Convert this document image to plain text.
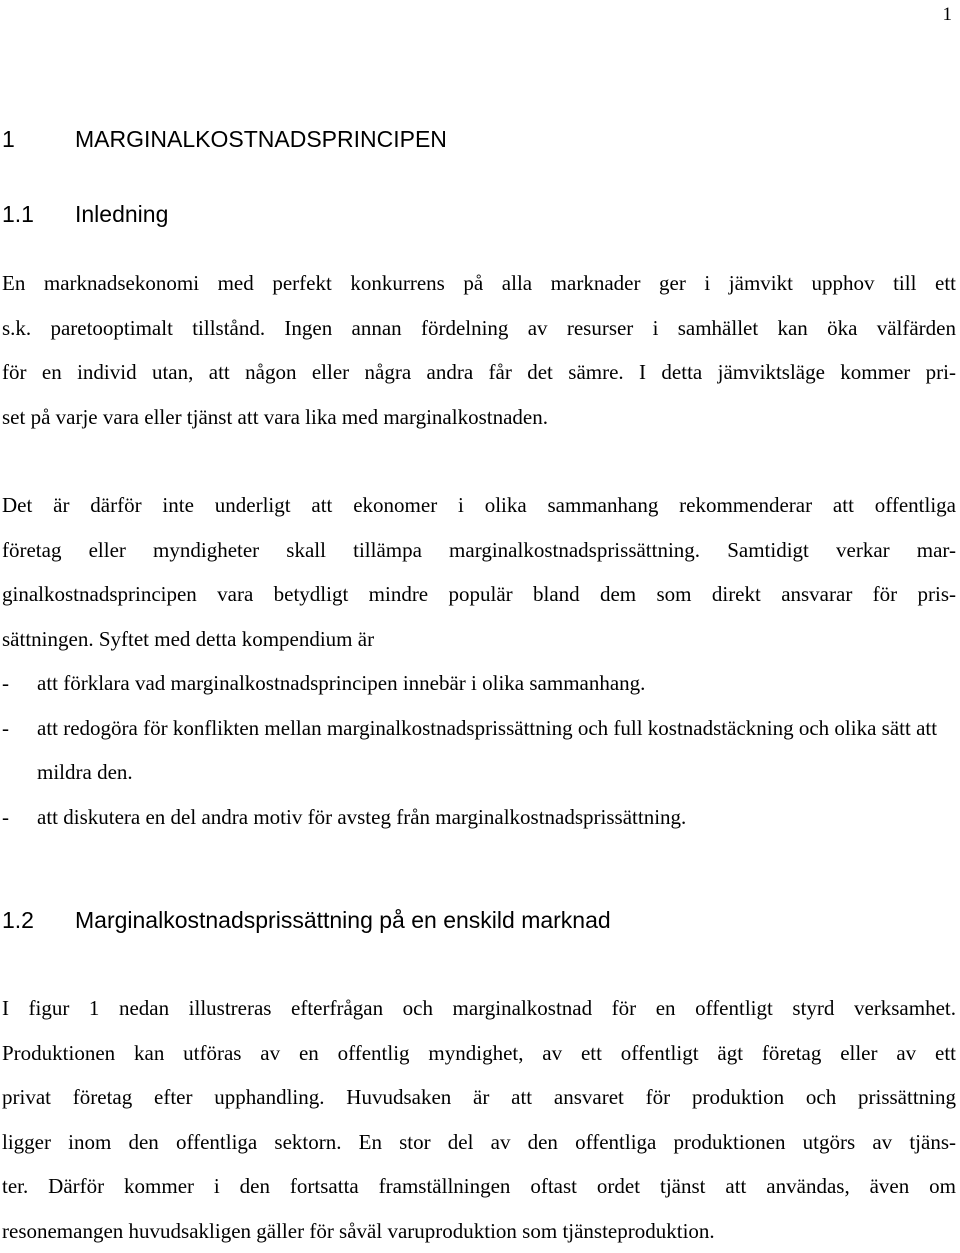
1
1	MARGINALKOSTNADSPRINCIPEN
1.1 Inledning
En marknadsekonomi med perfekt konkurrens på alla marknader ger i jämvikt upphov till ett
s.k. paretooptimalt tillstånd. Ingen annan fördelning av resurser i samhället kan öka välfärden
för en individ utan, att någon eller några andra får det sämre. I detta jämviktsläge kommer pri-
set på varje vara eller tjänst att vara lika med marginalkostnaden.
Det är därför inte underligt att ekonomer i olika sammanhang rekommenderar att offentliga
företag eller myndigheter skall tillämpa marginalkostnadsprissättning. Samtidigt verkar mar-
ginalkostnadsprincipen vara betydligt mindre populär bland dem som direkt ansvarar för pris-
sättningen. Syftet med detta kompendium är
- att förklara vad marginalkostnadsprincipen innebär i olika sammanhang.
- att redogöra för konflikten mellan marginalkostnadsprissättning och full kostnadstäckning och olika sätt att mildra den.
- att diskutera en del andra motiv för avsteg från marginalkostnadsprissättning.
1.2 Marginalkostnadsprissättning på en enskild marknad
I figur 1 nedan illustreras efterfrågan och marginalkostnad för en offentligt styrd verksamhet.
Produktionen kan utföras av en offentlig myndighet, av ett offentligt ägt företag eller av ett
privat företag efter upphandling. Huvudsaken är att ansvaret för produktion och prissättning
ligger inom den offentliga sektorn. En stor del av den offentliga produktionen utgörs av tjäns-
ter. Därför kommer i den fortsatta framställningen oftast ordet tjänst att användas, även om
resonemangen huvudsakligen gäller för såväl varuproduktion som tjänsteproduktion.
